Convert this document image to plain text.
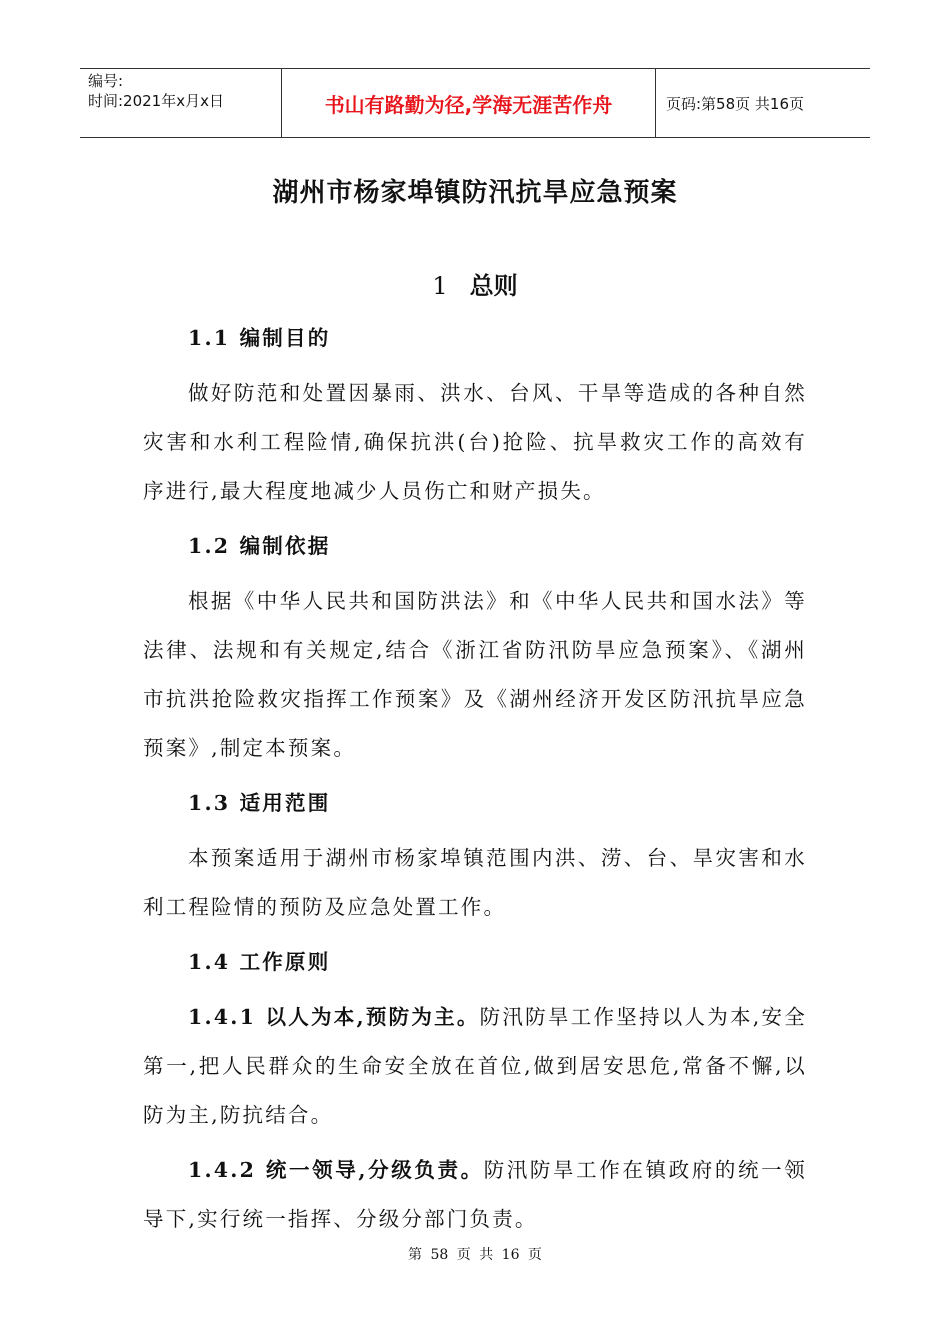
编号:
时间:2021年x月x日	书山有路勤为径,学海无涯苦作舟	页码:第58页 共16页
湖州市杨家埠镇防汛抗旱应急预案
1 总则

1.1 编制目的

做好防范和处置因暴雨、洪水、台风、干旱等造成的各种自然灾害和水利工程险情,确保抗洪(台)抢险、抗旱救灾工作的高效有序进行,最大程度地减少人员伤亡和财产损失。

1.2 编制依据

根据《中华人民共和国防洪法》和《中华人民共和国水法》等法律、法规和有关规定,结合《浙江省防汛防旱应急预案》、《湖州市抗洪抢险救灾指挥工作预案》及《湖州经济开发区防汛抗旱应急预案》,制定本预案。

1.3 适用范围

本预案适用于湖州市杨家埠镇范围内洪、涝、台、旱灾害和水利工程险情的预防及应急处置工作。

1.4 工作原则

1.4.1 以人为本,预防为主。防汛防旱工作坚持以人为本,安全第一,把人民群众的生命安全放在首位,做到居安思危,常备不懈,以防为主,防抗结合。

1.4.2 统一领导,分级负责。防汛防旱工作在镇政府的统一领导下,实行统一指挥、分级分部门负责。

第 58 页 共 16 页
